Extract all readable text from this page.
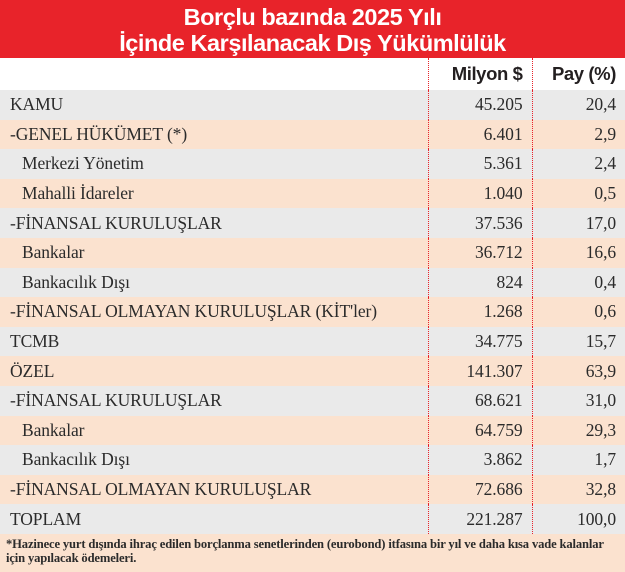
Borçlu bazında 2025 Yılı
İçinde Karşılanacak Dış Yükümlülük
	Milyon $	Pay (%)
KAMU	45.205	20,4
-GENEL HÜKÜMET (*)	6.401	2,9
Merkezi Yönetim	5.361	2,4
Mahalli İdareler	1.040	0,5
-FİNANSAL KURULUŞLAR	37.536	17,0
Bankalar	36.712	16,6
Bankacılık Dışı	824	0,4
-FİNANSAL OLMAYAN KURULUŞLAR (KİT'ler)	1.268	0,6
TCMB	34.775	15,7
ÖZEL	141.307	63,9
-FİNANSAL KURULUŞLAR	68.621	31,0
Bankalar	64.759	29,3
Bankacılık Dışı	3.862	1,7
-FİNANSAL OLMAYAN KURULUŞLAR	72.686	32,8
TOPLAM	221.287	100,0
*Hazinece yurt dışında ihraç edilen borçlanma senetlerinden (eurobond) itfasına bir yıl ve daha kısa vade kalanlar için yapılacak ödemeleri.
